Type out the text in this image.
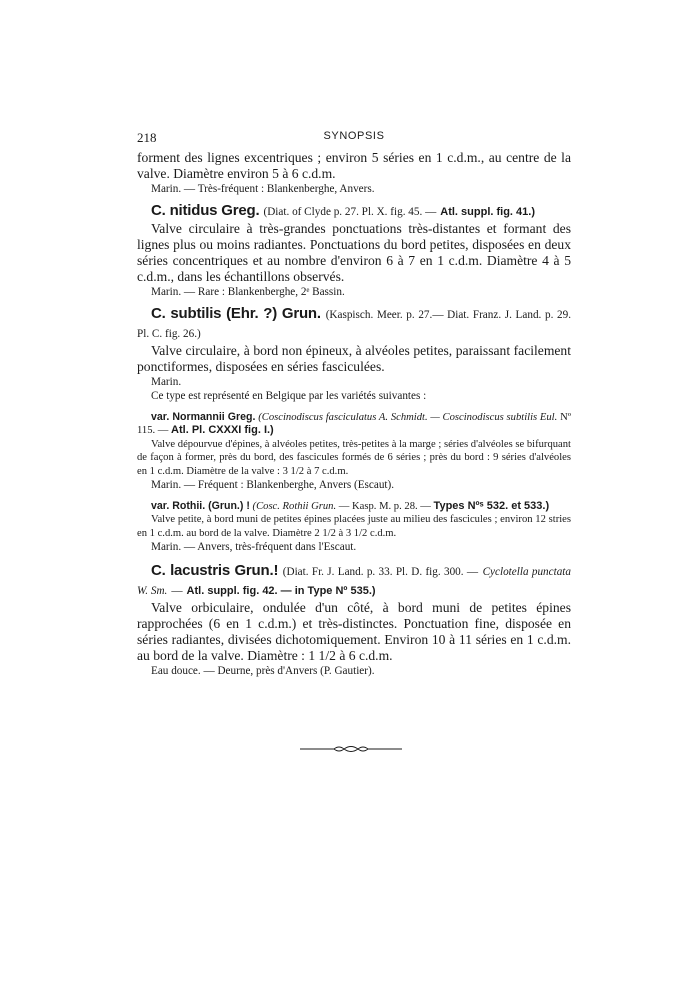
218	SYNOPSIS

forment des lignes excentriques ; environ 5 séries en 1 c.d.m., au centre de la valve. Diamètre environ 5 à 6 c.d.m.

Marin. — Très-fréquent : Blankenberghe, Anvers.

C. nitidus Greg. (Diat. of Clyde p. 27. Pl. X. fig. 45. — Atl. suppl. fig. 41.)

Valve circulaire à très-grandes ponctuations très-distantes et formant des lignes plus ou moins radiantes. Ponctuations du bord petites, disposées en deux séries concentriques et au nombre d'environ 6 à 7 en 1 c.d.m. Diamètre 4 à 5 c.d.m., dans les échantillons observés.

Marin. — Rare : Blankenberghe, 2ᵉ Bassin.

C. subtilis (Ehr. ?) Grun. (Kaspisch. Meer. p. 27.— Diat. Franz. J. Land. p. 29. Pl. C. fig. 26.)

Valve circulaire, à bord non épineux, à alvéoles petites, paraissant facilement ponctiformes, disposées en séries fasciculées.

Marin.

Ce type est représenté en Belgique par les variétés suivantes :

var. Normannii Greg. (Coscinodiscus fasciculatus A. Schmidt. — Coscinodiscus subtilis Eul. Nº 115. — Atl. Pl. CXXXI fig. I.)

Valve dépourvue d'épines, à alvéoles petites, très-petites à la marge ; séries d'alvéoles se bifurquant de façon à former, près du bord, des fascicules formés de 6 séries ; près du bord : 9 séries d'alvéoles en 1 c.d.m. Diamètre de la valve : 3 1/2 à 7 c.d.m.

Marin. — Fréquent : Blankenberghe, Anvers (Escaut).

var. Rothii. (Grun.) ! (Cosc. Rothii Grun. — Kasp. M. p. 28. — Types Nºˢ 532. et 533.)

Valve petite, à bord muni de petites épines placées juste au milieu des fascicules ; environ 12 stries en 1 c.d.m. au bord de la valve. Diamètre 2 1/2 à 3 1/2 c.d.m.

Marin. — Anvers, très-fréquent dans l'Escaut.

C. lacustris Grun.! (Diat. Fr. J. Land. p. 33. Pl. D. fig. 300. — Cyclotella punctata W. Sm. — Atl. suppl. fig. 42. — in Type Nº 535.)

Valve orbiculaire, ondulée d'un côté, à bord muni de petites épines rapprochées (6 en 1 c.d.m.) et très-distinctes. Ponctuation fine, disposée en séries radiantes, divisées dichotomiquement. Environ 10 à 11 séries en 1 c.d.m. au bord de la valve. Diamètre : 1 1/2 à 6 c.d.m.

Eau douce. — Deurne, près d'Anvers (P. Gautier).
